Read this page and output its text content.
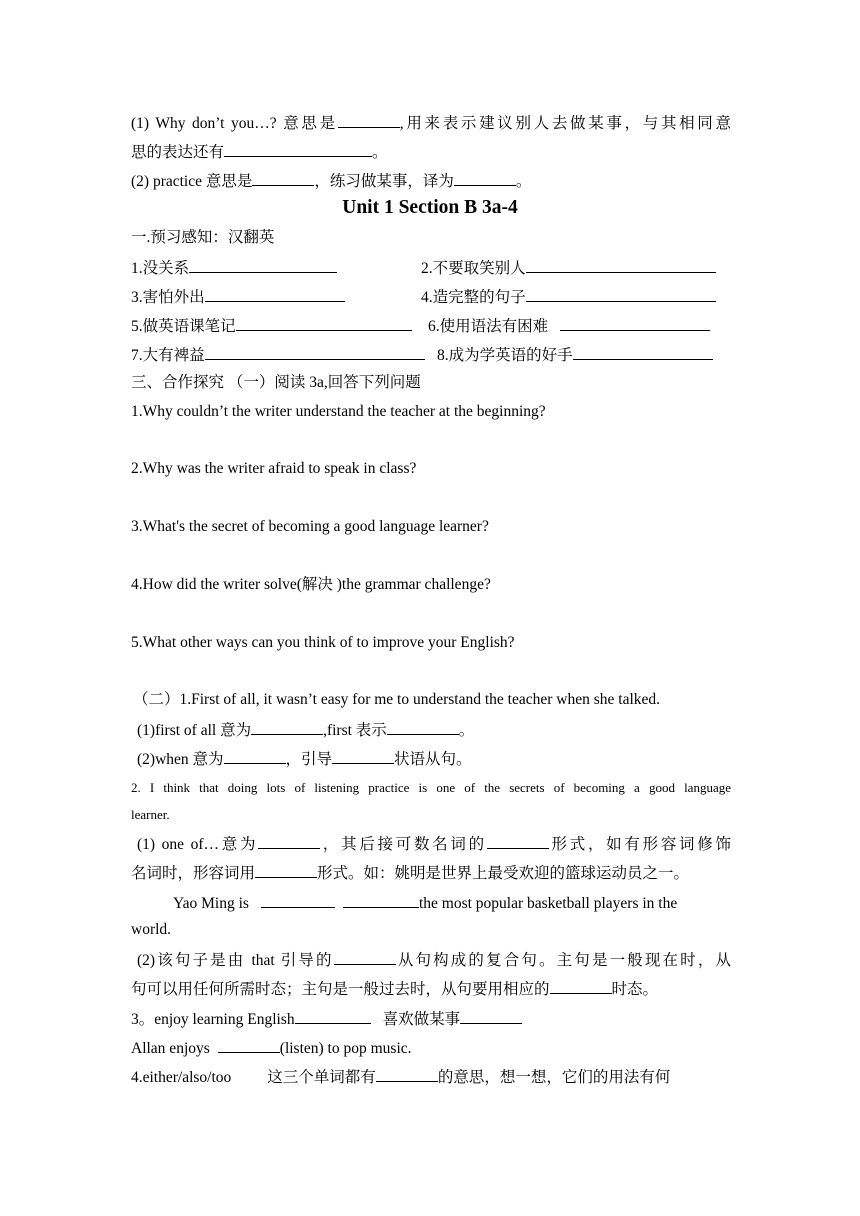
(1) Why don’t you…? 意思是	,用来表示建议别人去做某事，与其相同意
思的表达还有	。
(2) practice 意思是	，练习做某事，译为	。
Unit 1 Section B 3a-4
一.预习感知：汉翻英
1.没关系	2.不要取笑别人
3.害怕外出	4.造完整的句子
5.做英语课笔记	6.使用语法有困难
7.大有裨益	8.成为学英语的好手
三、合作探究 （一）阅读 3a,回答下列问题
1.Why couldn’t the writer understand the teacher at the beginning?
2.Why was the writer afraid to speak in class?
3.What's the secret of becoming a good language learner?
4.How did the writer solve(解决 )the grammar challenge?
5.What other ways can you think of to improve your English?
（二）1.First of all, it wasn’t easy for me to understand the teacher when she talked.
(1)first of all 意为	,first 表示	。
(2)when 意为	，引导	状语从句。
2. I think that doing lots of listening practice is one of the secrets of becoming a good language
learner.
(1) one of…意为	，其后接可数名词的	形式，如有形容词修饰
名词时，形容词用	形式。如：姚明是世界上最受欢迎的篮球运动员之一。
Yao Ming is	the most popular basketball players in the
world.
(2)该句子是由 that 引导的	从句构成的复合句。主句是一般现在时，从
句可以用任何所需时态；主句是一般过去时，从句要用相应的	时态。
3。enjoy learning English	喜欢做某事
Allan enjoys	(listen) to pop music.
4.either/also/too 这三个单词都有	的意思，想一想，它们的用法有何
